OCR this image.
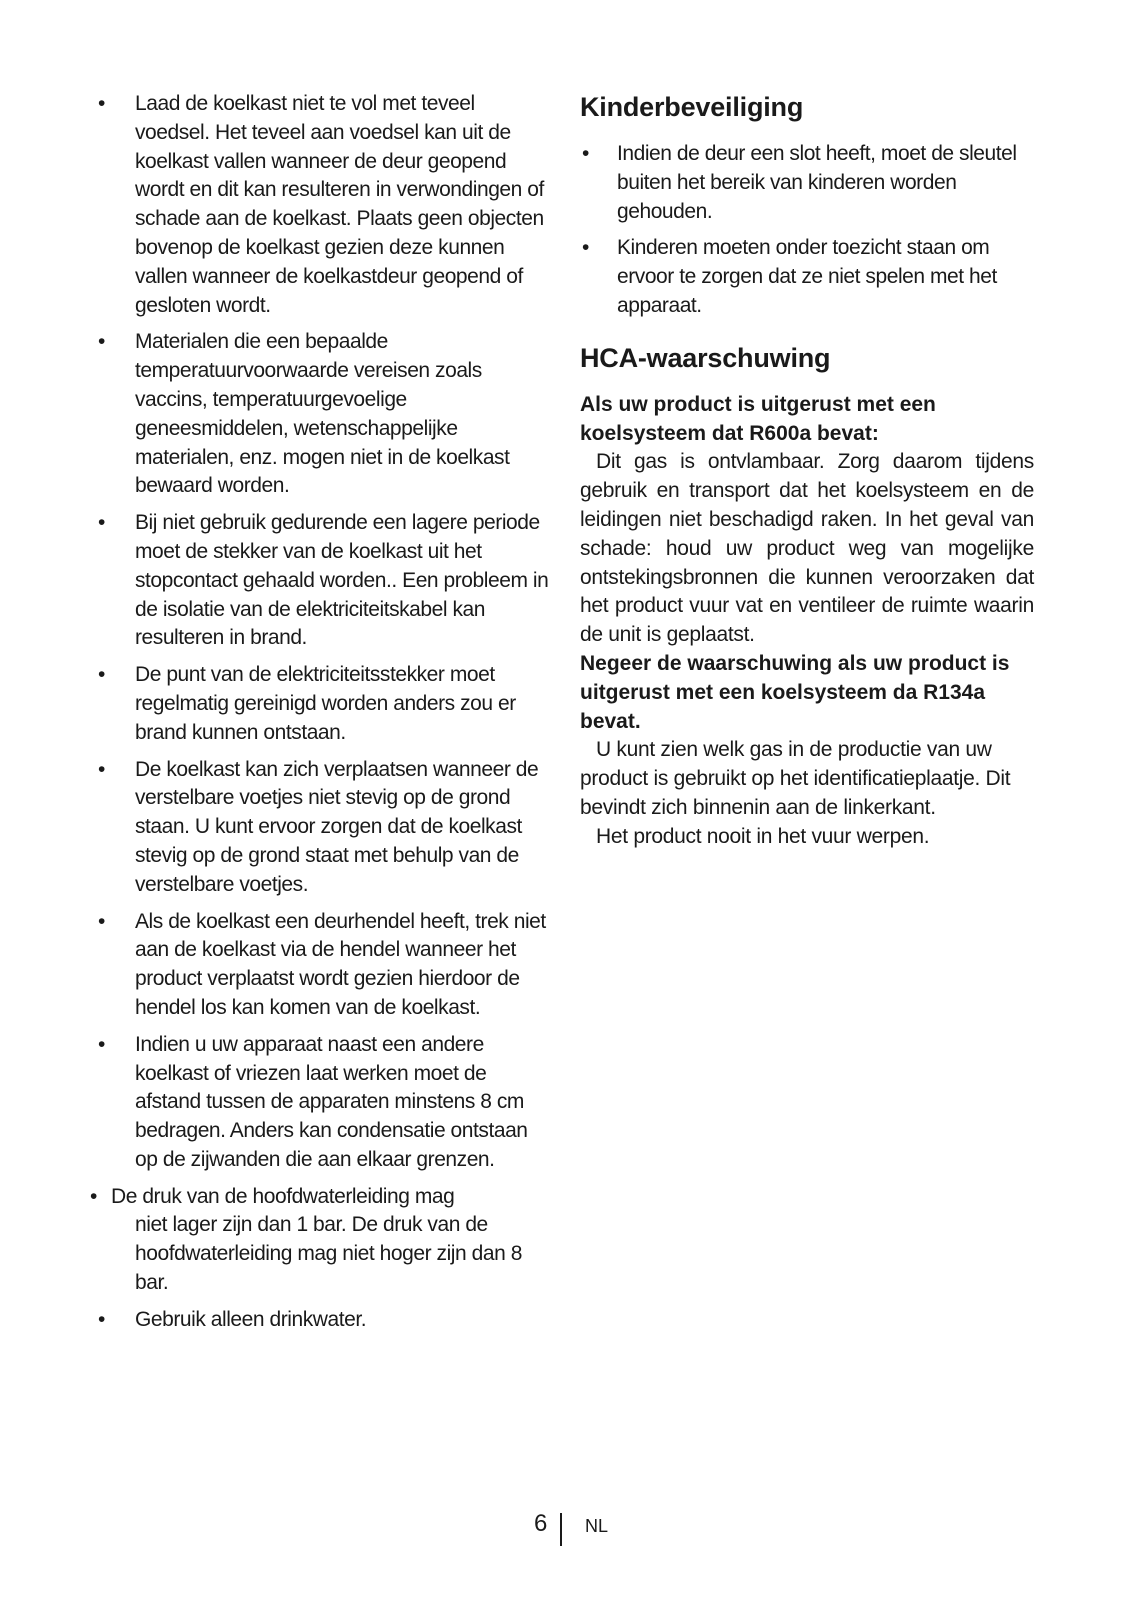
• Laad de koelkast niet te vol met teveel voedsel. Het teveel aan voedsel kan uit de koelkast vallen wanneer de deur geopend wordt en dit kan resulteren in verwondingen of schade aan de koelkast. Plaats geen objecten bovenop de koelkast gezien deze kunnen vallen wanneer de koelkastdeur geopend of gesloten wordt.
• Materialen die een bepaalde temperatuurvoorwaarde vereisen zoals vaccins, temperatuurgevoelige geneesmiddelen, wetenschappelijke materialen, enz. mogen niet in de koelkast bewaard worden.
• Bij niet gebruik gedurende een lagere periode moet de stekker van de koelkast uit het stopcontact gehaald worden.. Een probleem in de isolatie van de elektriciteitskabel kan resulteren in brand.
• De punt van de elektriciteitsstekker moet regelmatig gereinigd worden anders zou er brand kunnen ontstaan.
• De koelkast kan zich verplaatsen wanneer de verstelbare voetjes niet stevig op de grond staan. U kunt ervoor zorgen dat de koelkast stevig op de grond staat met behulp van de verstelbare voetjes.
• Als de koelkast een deurhendel heeft, trek niet aan de koelkast via de hendel wanneer het product verplaatst wordt gezien hierdoor de hendel los kan komen van de koelkast.
• Indien u uw apparaat naast een andere koelkast of vriezen laat werken moet de afstand tussen de apparaten minstens 8 cm bedragen. Anders kan condensatie ontstaan op de zijwanden die aan elkaar grenzen.
• De druk van de hoofdwaterleiding mag
niet lager zijn dan 1 bar. De druk van de hoofdwaterleiding mag niet hoger zijn dan 8 bar.
• Gebruik alleen drinkwater.
Kinderbeveiliging
• Indien de deur een slot heeft, moet de sleutel buiten het bereik van kinderen worden gehouden.
• Kinderen moeten onder toezicht staan om ervoor te zorgen dat ze niet spelen met het apparaat.
HCA-waarschuwing

Als uw product is uitgerust met een koelsysteem dat R600a bevat:

Dit gas is ontvlambaar. Zorg daarom tijdens gebruik en transport dat het koelsysteem en de leidingen niet beschadigd raken. In het geval van schade: houd uw product weg van mogelijke ontstekingsbronnen die kunnen veroorzaken dat het product vuur vat en ventileer de ruimte waarin de unit is geplaatst.

Negeer de waarschuwing als uw product is uitgerust met een koelsysteem da R134a bevat.

U kunt zien welk gas in de productie van uw product is gebruikt op het identificatieplaatje. Dit bevindt zich binnenin aan de linkerkant.

Het product nooit in het vuur werpen.

6 NL
